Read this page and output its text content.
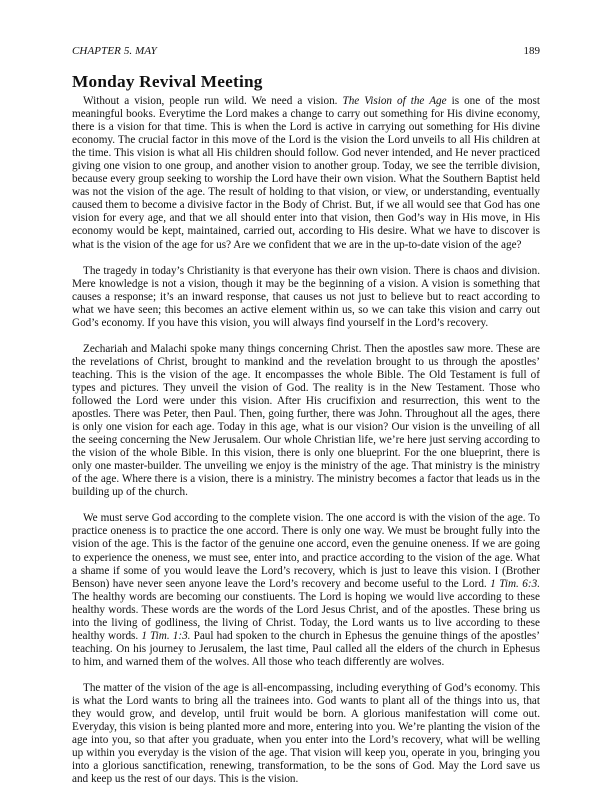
CHAPTER 5. MAY	189
Monday Revival Meeting

Without a vision, people run wild. We need a vision. The Vision of the Age is one of the most meaningful books. Everytime the Lord makes a change to carry out something for His divine economy, there is a vision for that time. This is when the Lord is active in carrying out something for His divine economy. The crucial factor in this move of the Lord is the vision the Lord unveils to all His children at the time. This vision is what all His children should follow. God never intended, and He never practiced giving one vision to one group, and another vision to another group. Today, we see the terrible division, because every group seeking to worship the Lord have their own vision. What the Southern Baptist held was not the vision of the age. The result of holding to that vision, or view, or understanding, eventually caused them to become a divisive factor in the Body of Christ. But, if we all would see that God has one vision for every age, and that we all should enter into that vision, then God’s way in His move, in His economy would be kept, maintained, carried out, according to His desire. What we have to discover is what is the vision of the age for us? Are we confident that we are in the up-to-date vision of the age?

The tragedy in today’s Christianity is that everyone has their own vision. There is chaos and division. Mere knowledge is not a vision, though it may be the beginning of a vision. A vision is something that causes a response; it’s an inward response, that causes us not just to believe but to react according to what we have seen; this becomes an active element within us, so we can take this vision and carry out God’s economy. If you have this vision, you will always find yourself in the Lord’s recovery.

Zechariah and Malachi spoke many things concerning Christ. Then the apostles saw more. These are the revelations of Christ, brought to mankind and the revelation brought to us through the apostles’ teaching. This is the vision of the age. It encompasses the whole Bible. The Old Testament is full of types and pictures. They unveil the vision of God. The reality is in the New Testament. Those who followed the Lord were under this vision. After His crucifixion and resurrection, this went to the apostles. There was Peter, then Paul. Then, going further, there was John. Throughout all the ages, there is only one vision for each age. Today in this age, what is our vision? Our vision is the unveiling of all the seeing concerning the New Jerusalem. Our whole Christian life, we’re here just serving according to the vision of the whole Bible. In this vision, there is only one blueprint. For the one blueprint, there is only one master-builder. The unveiling we enjoy is the ministry of the age. That ministry is the ministry of the age. Where there is a vision, there is a ministry. The ministry becomes a factor that leads us in the building up of the church.

We must serve God according to the complete vision. The one accord is with the vision of the age. To practice oneness is to practice the one accord. There is only one way. We must be brought fully into the vision of the age. This is the factor of the genuine one accord, even the genuine oneness. If we are going to experience the oneness, we must see, enter into, and practice according to the vision of the age. What a shame if some of you would leave the Lord’s recovery, which is just to leave this vision. I (Brother Benson) have never seen anyone leave the Lord’s recovery and become useful to the Lord. 1 Tim. 6:3. The healthy words are becoming our constiuents. The Lord is hoping we would live according to these healthy words. These words are the words of the Lord Jesus Christ, and of the apostles. These bring us into the living of godliness, the living of Christ. Today, the Lord wants us to live according to these healthy words. 1 Tim. 1:3. Paul had spoken to the church in Ephesus the genuine things of the apostles’ teaching. On his journey to Jerusalem, the last time, Paul called all the elders of the church in Ephesus to him, and warned them of the wolves. All those who teach differently are wolves.

The matter of the vision of the age is all-encompassing, including everything of God’s economy. This is what the Lord wants to bring all the trainees into. God wants to plant all of the things into us, that they would grow, and develop, until fruit would be born. A glorious manifestation will come out. Everyday, this vision is being planted more and more, entering into you. We’re planting the vision of the age into you, so that after you graduate, when you enter into the Lord’s recovery, what will be welling up within you everyday is the vision of the age. That vision will keep you, operate in you, bringing you into a glorious sanctification, renewing, transformation, to be the sons of God. May the Lord save us and keep us the rest of our days. This is the vision.
